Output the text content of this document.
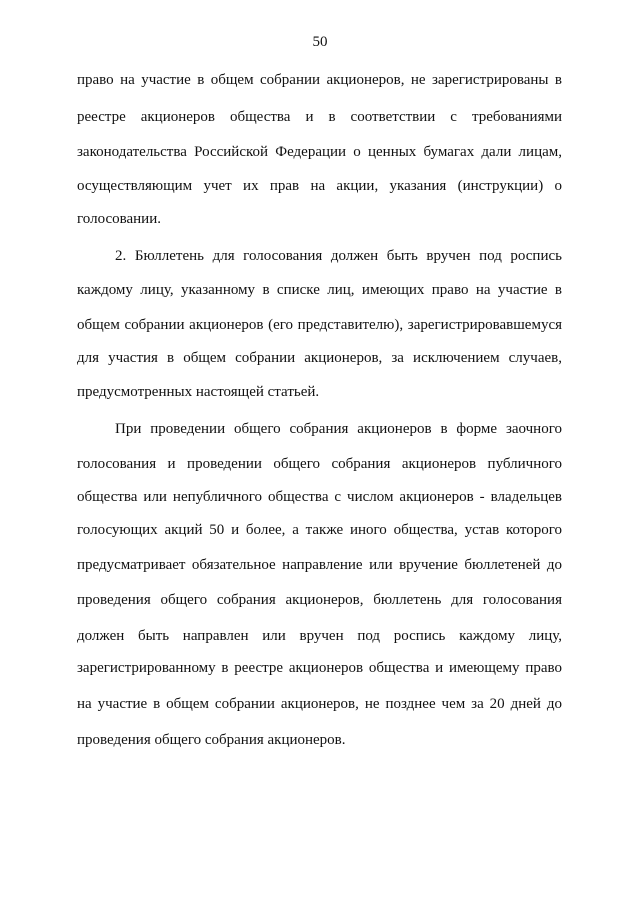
50
право на участие в общем собрании акционеров, не зарегистрированы в
реестре акционеров общества и в соответствии с требованиями
законодательства Российской Федерации о ценных бумагах дали лицам,
осуществляющим учет их прав на акции, указания (инструкции) о
голосовании.
2. Бюллетень для голосования должен быть вручен под роспись
каждому лицу, указанному в списке лиц, имеющих право на участие в
общем собрании акционеров (его представителю), зарегистрировавшемуся
для участия в общем собрании акционеров, за исключением случаев,
предусмотренных настоящей статьей.
При проведении общего собрания акционеров в форме заочного
голосования и проведении общего собрания акционеров публичного
общества или непубличного общества с числом акционеров - владельцев
голосующих акций 50 и более, а также иного общества, устав которого
предусматривает обязательное направление или вручение бюллетеней до
проведения общего собрания акционеров, бюллетень для голосования
должен быть направлен или вручен под роспись каждому лицу,
зарегистрированному в реестре акционеров общества и имеющему право
на участие в общем собрании акционеров, не позднее чем за 20 дней до
проведения общего собрания акционеров.
